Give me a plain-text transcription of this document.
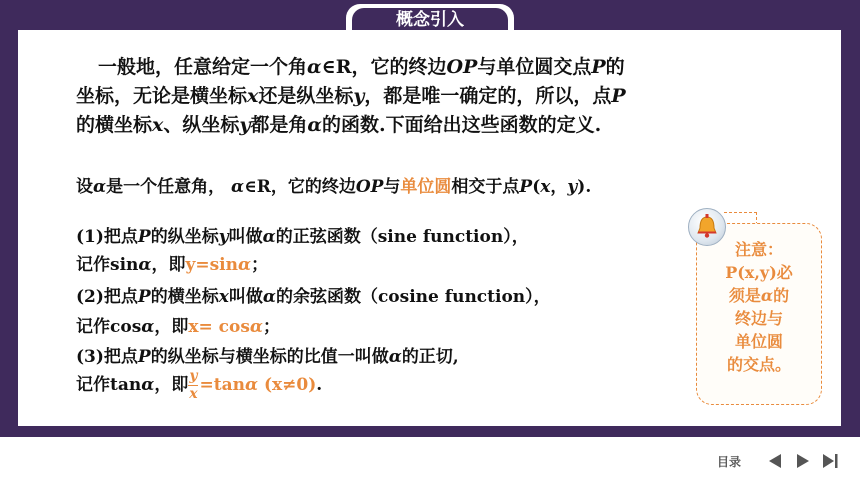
概念引入
一般地，任意给定一个角α∈R，它的终边OP与单位圆交点P的
坐标，无论是横坐标x还是纵坐标y，都是唯一确定的，所以，点P
的横坐标x、纵坐标y都是角α的函数.下面给出这些函数的定义.
设α是一个任意角， α∈R，它的终边OP与单位圆相交于点P(x，y).
(1)把点P的纵坐标y叫做α的正弦函数（sine function），
记作sinα，即y=sinα；
(2)把点P的横坐标x叫做α的余弦函数（cosine function），
记作cosα，即x= cosα；
(3)把点P的纵坐标与横坐标的比值一叫做α的正切,
记作tanα，即 $\frac{y}{x} =\tan\alpha$ (x≠0).
注意：
P(x,y)必
须是α的
终边与
单位圆
的交点。
目录
